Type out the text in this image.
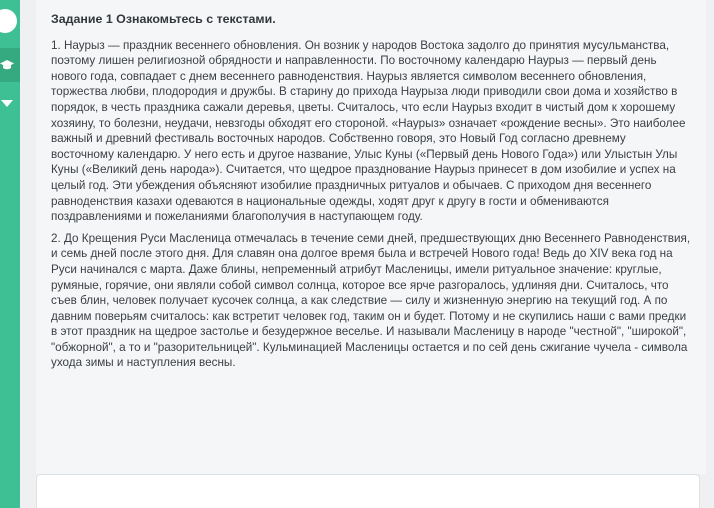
Задание 1 Ознакомьтесь с текстами.

1. Наурыз — праздник весеннего обновления. Он возник у народов Востока задолго до принятия мусульманства, поэтому лишен религиозной обрядности и направленности. По восточному календарю Наурыз — первый день нового года, совпадает с днем весеннего равноденствия. Наурыз является символом весеннего обновления, торжества любви, плодородия и дружбы. В старину до прихода Наурыза люди приводили свои дома и хозяйство в порядок, в честь праздника сажали деревья, цветы. Считалось, что если Наурыз входит в чистый дом к хорошему хозяину, то болезни, неудачи, невзгоды обходят его стороной. «Наурыз» означает «рождение весны». Это наиболее важный и древний фестиваль восточных народов. Собственно говоря, это Новый Год согласно древнему восточному календарю. У него есть и другое название, Улыс Куны («Первый день Нового Года») или Улыстын Улы Куны («Великий день народа»). Считается, что щедрое празднование Наурыз принесет в дом изобилие и успех на целый год. Эти убеждения объясняют изобилие праздничных ритуалов и обычаев. С приходом дня весеннего равноденствия казахи одеваются в национальные одежды, ходят друг к другу в гости и обмениваются поздравлениями и пожеланиями благополучия в наступающем году.

2. До Крещения Руси Масленица отмечалась в течение семи дней, предшествующих дню Весеннего Равноденствия, и семь дней после этого дня. Для славян она долгое время была и встречей Нового года! Ведь до XIV века год на Руси начинался с марта. Даже блины, непременный атрибут Масленицы, имели ритуальное значение: круглые, румяные, горячие, они являли собой символ солнца, которое все ярче разгоралось, удлиняя дни. Считалось, что съев блин, человек получает кусочек солнца, а как следствие — силу и жизненную энергию на текущий год. А по давним поверьям считалось: как встретит человек год, таким он и будет. Потому и не скупились наши с вами предки в этот праздник на щедрое застолье и безудержное веселье. И называли Масленицу в народе "честной", "широкой", "обжорной", а то и "разорительницей". Кульминацией Масленицы остается и по сей день сжигание чучела - символа ухода зимы и наступления весны.
